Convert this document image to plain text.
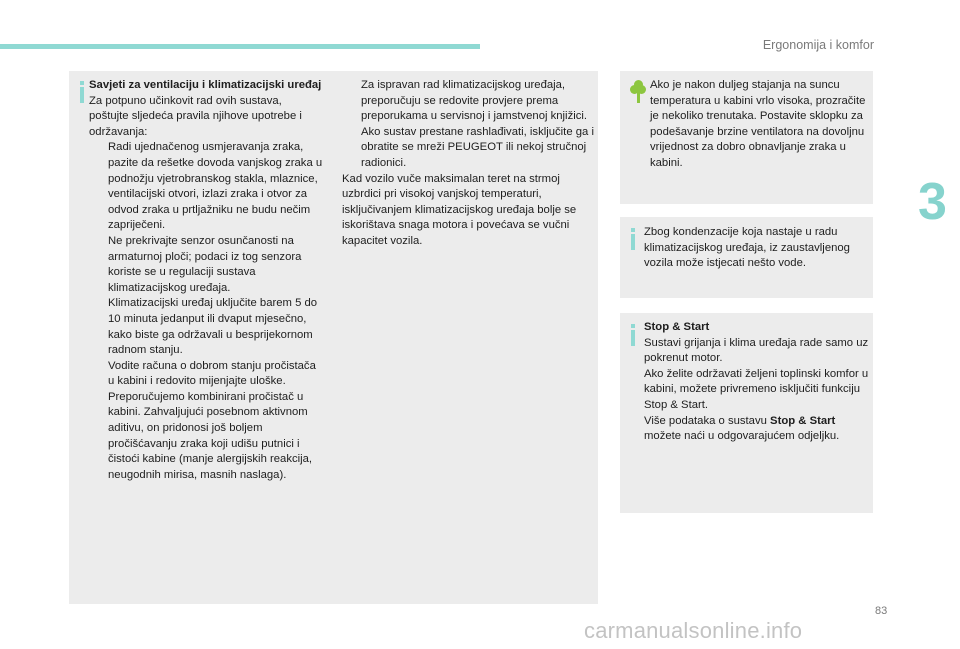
Ergonomija i komfor
3

Savjeti za ventilaciju i klimatizacijski uređaj

Za potpuno učinkovit rad ovih sustava, poštujte sljedeća pravila njihove upotrebe i održavanja:

Radi ujednačenog usmjeravanja zraka, pazite da rešetke dovoda vanjskog zraka u podnožju vjetrobranskog stakla, mlaznice, ventilacijski otvori, izlazi zraka i otvor za odvod zraka u prtljažniku ne budu nečim zapriječeni.
Ne prekrivajte senzor osunčanosti na armaturnoj ploči; podaci iz tog senzora koriste se u regulaciji sustava klimatizacijskog uređaja.
Klimatizacijski uređaj uključite barem 5 do 10 minuta jedanput ili dvaput mjesečno, kako biste ga održavali u besprijekornom radnom stanju.
Vodite računa o dobrom stanju pročistača u kabini i redovito mijenjajte uloške. Preporučujemo kombinirani pročistač u kabini. Zahvaljujući posebnom aktivnom aditivu, on pridonosi još boljem pročišćavanju zraka koji udišu putnici i čistoći kabine (manje alergijskih reakcija, neugodnih mirisa, masnih naslaga).
Za ispravan rad klimatizacijskog uređaja, preporučuju se redovite provjere prema preporukama u servisnoj i jamstvenoj knjižici.
Ako sustav prestane rashlađivati, isključite ga i obratite se mreži PEUGEOT ili nekoj stručnoj radionici.

Kad vozilo vuče maksimalan teret na strmoj uzbrdici pri visokoj vanjskoj temperaturi, isključivanjem klimatizacijskog uređaja bolje se iskorištava snaga motora i povećava se vučni kapacitet vozila.

Ako je nakon duljeg stajanja na suncu temperatura u kabini vrlo visoka, prozračite je nekoliko trenutaka. Postavite sklopku za podešavanje brzine ventilatora na dovoljnu vrijednost za dobro obnavljanje zraka u kabini.
Zbog kondenzacije koja nastaje u radu klimatizacijskog uređaja, iz zaustavljenog vozila može istjecati nešto vode.

Stop & Start

Sustavi grijanja i klima uređaja rade samo uz pokrenut motor.

Ako želite održavati željeni toplinski komfor u kabini, možete privremeno isključiti funkciju Stop & Start.

Više podataka o sustavu Stop & Start možete naći u odgovarajućem odjeljku.

83
carmanualsonline.info
